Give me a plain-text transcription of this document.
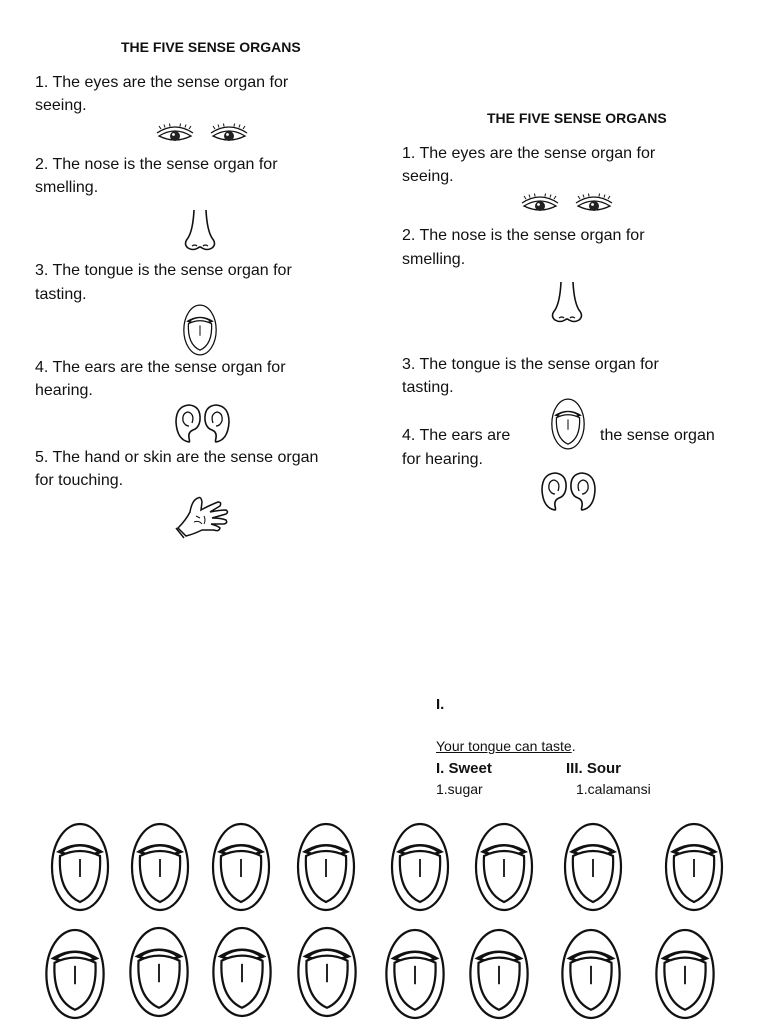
THE FIVE SENSE ORGANS
1. The eyes are the sense organ for
seeing.
2. The nose is the sense organ for
smelling.
3. The tongue is the sense organ for
tasting.
4. The ears are the sense organ for
hearing.
5. The hand or skin are the sense organ
for touching.
THE FIVE SENSE ORGANS
1. The eyes are the sense organ for
seeing.
2. The nose is the sense organ for
smelling.
3. The tongue is the sense organ for
tasting.
4. The ears are	the sense organ
for hearing.
I.
Your tongue can taste.
I. Sweet	III. Sour
1.sugar	1.calamansi
